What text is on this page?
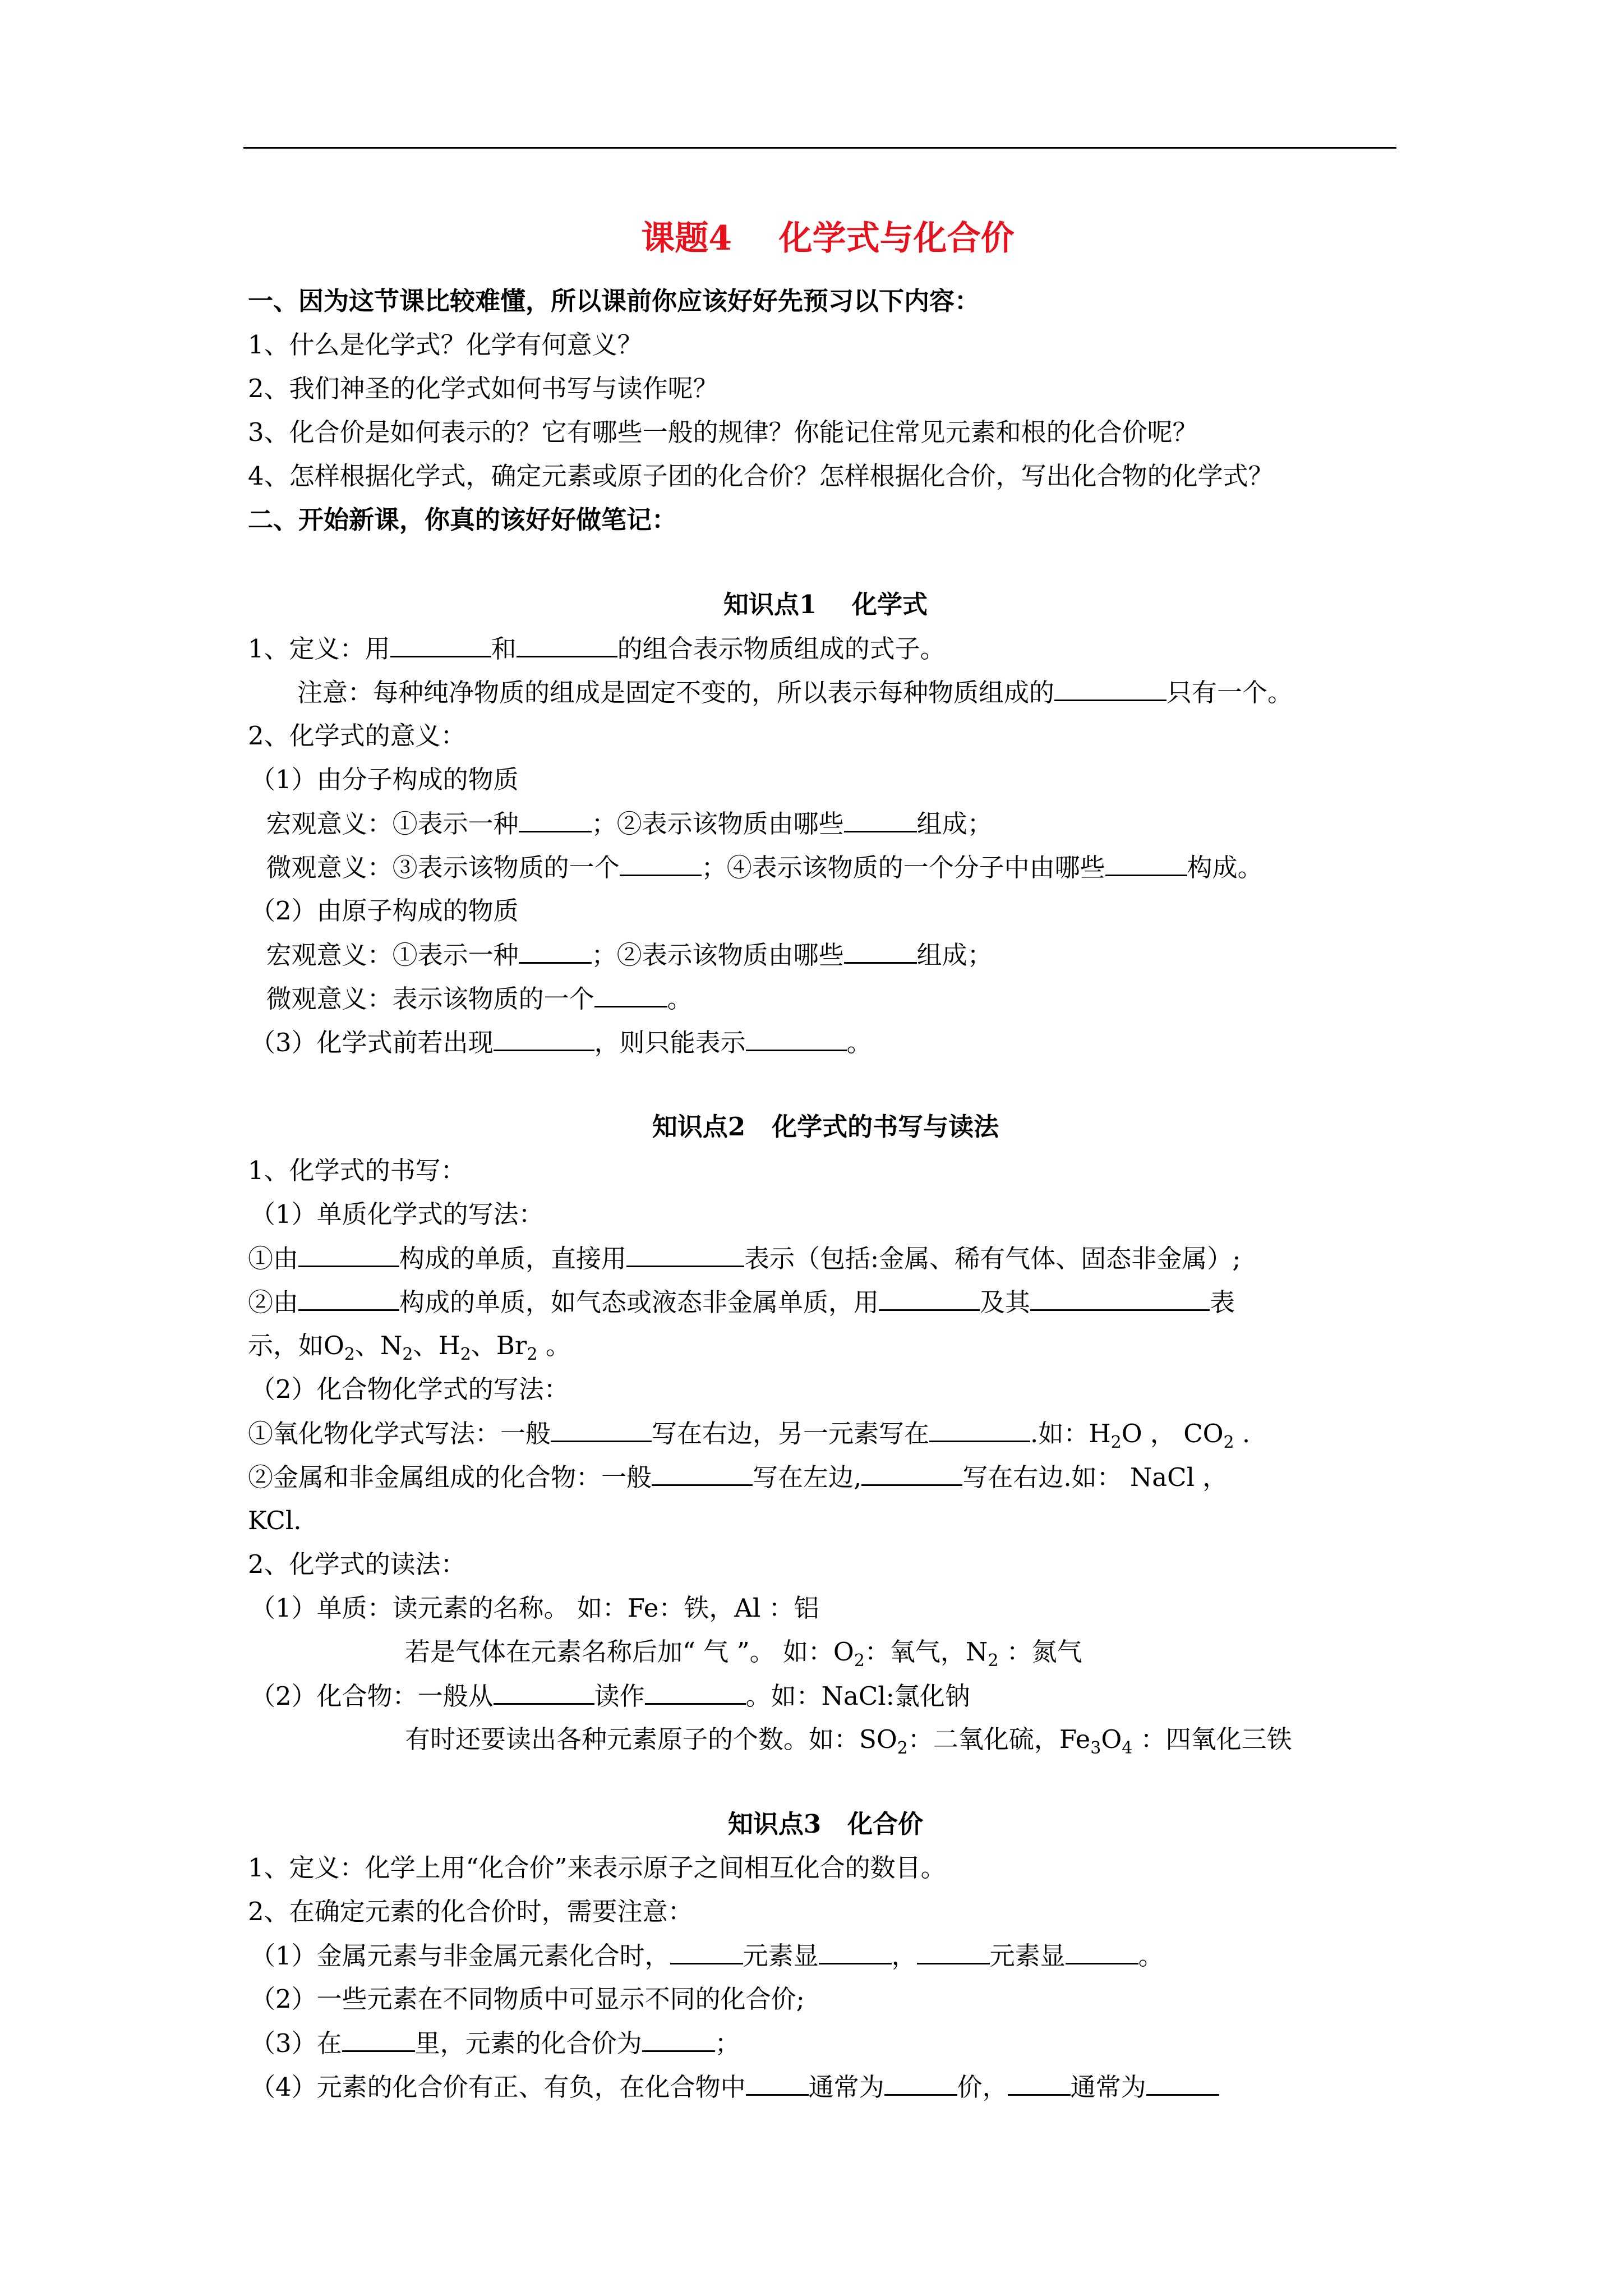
课题4    化学式与化合价
一、因为这节课比较难懂，所以课前你应该好好先预习以下内容：
1、什么是化学式？化学有何意义？
2、我们神圣的化学式如何书写与读作呢？
3、化合价是如何表示的？它有哪些一般的规律？你能记住常见元素和根的化合价呢？
4、怎样根据化学式，确定元素或原子团的化合价？怎样根据化合价，写出化合物的化学式？
二、开始新课，你真的该好好做笔记：
知识点1    化学式
1、定义：用	和	的组合表示物质组成的式子。
注意：每种纯净物质的组成是固定不变的，所以表示每种物质组成的	只有一个。
2、化学式的意义：
（1）由分子构成的物质
宏观意义：①表示一种	；②表示该物质由哪些	组成；
微观意义：③表示该物质的一个	；④表示该物质的一个分子中由哪些	构成。
（2）由原子构成的物质
宏观意义：①表示一种	；②表示该物质由哪些	组成；
微观意义：表示该物质的一个	。
（3）化学式前若出现	，则只能表示	。
知识点2   化学式的书写与读法
1、化学式的书写：
（1）单质化学式的写法：
①由	构成的单质，直接用	表示（包括:金属、稀有气体、固态非金属）;
②由	构成的单质，如气态或液态非金属单质，用	及其	表
示，如$O_2$、$N_2$、$H_2$、$Br_2$ 。
（2）化合物化学式的写法：
①氧化物化学式写法：一般	写在右边，另一元素写在	.如：$H_2O$ ， $CO_2$ .
②金属和非金属组成的化合物：一般	写在左边,	写在右边.如： NaCl ，
KCl.
2、化学式的读法：
（1）单质：读元素的名称。 如：Fe：铁，Al ：铝
若是气体在元素名称后加“ 气 ”。 如：$O_2$：氧气，$N_2$ ：氮气
（2）化合物：一般从	读作	。如：NaCl:氯化钠
有时还要读出各种元素原子的个数。如：$SO_2$：二氧化硫，$Fe_3O_4$ ：四氧化三铁
知识点3   化合价
1、定义：化学上用“化合价”来表示原子之间相互化合的数目。
2、在确定元素的化合价时，需要注意：
（1）金属元素与非金属元素化合时，	元素显	，	元素显	。
（2）一些元素在不同物质中可显示不同的化合价;
（3）在	里，元素的化合价为	；
（4）元素的化合价有正、有负，在化合物中 通常为	价， 通常为
